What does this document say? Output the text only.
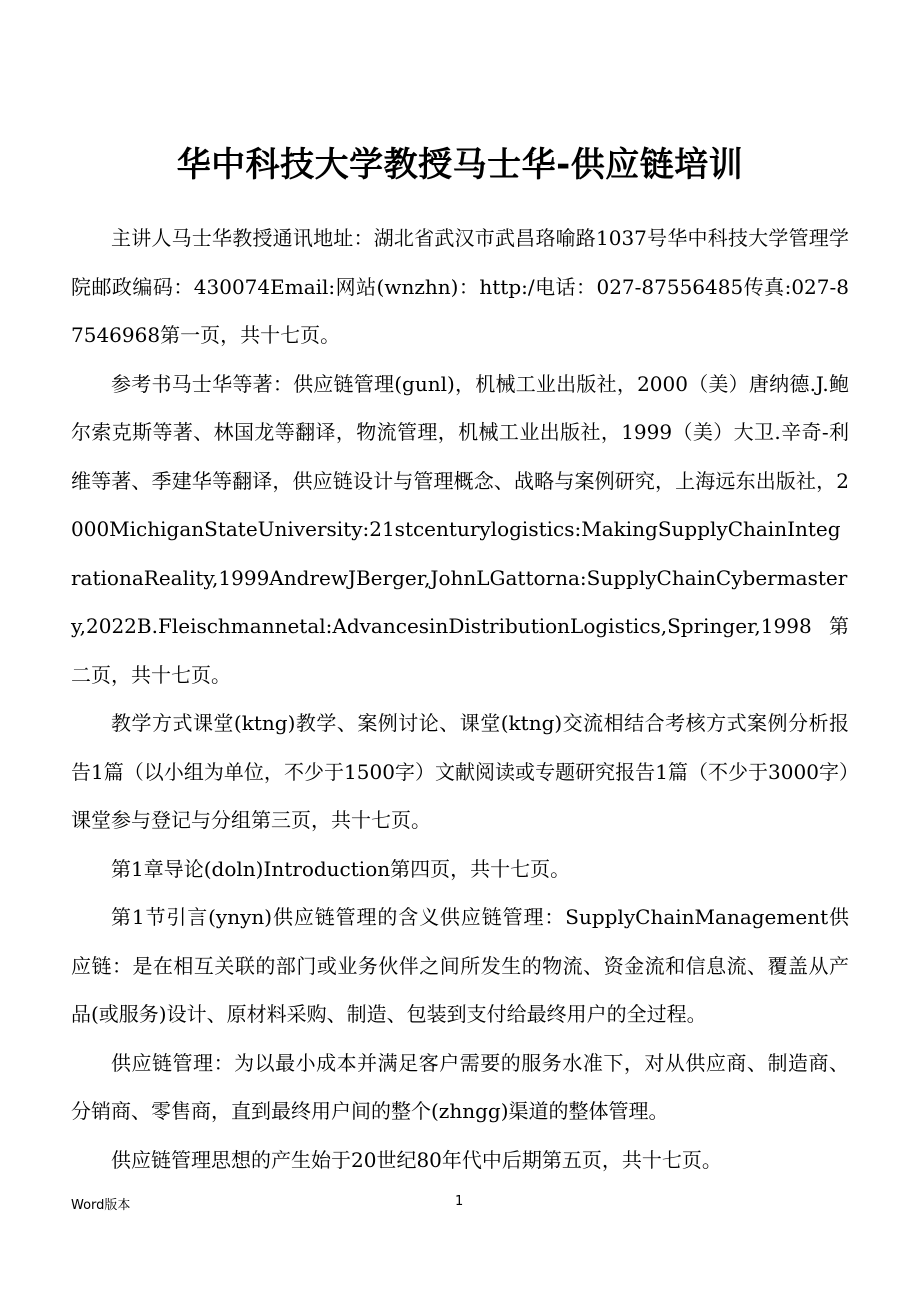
华中科技大学教授马士华-供应链培训

主讲人马士华教授通讯地址：湖北省武汉市武昌珞喻路1037号华中科技大学管理学院邮政编码：430074Email:网站(wnzhn)：http:/电话：027-87556485传真:027-87546968第一页，共十七页。

参考书马士华等著：供应链管理(gunl)，机械工业出版社，2000（美）唐纳德.J.鲍尔索克斯等著、林国龙等翻译，物流管理，机械工业出版社，1999（美）大卫.辛奇-利维等著、季建华等翻译，供应链设计与管理概念、战略与案例研究，上海远东出版社，2000MichiganStateUniversity:21stcenturylogistics:MakingSupplyChainIntegrationaReality,1999AndrewJBerger,JohnLGattorna:SupplyChainCybermastery,2022B.Fleischmannetal:AdvancesinDistributionLogistics,Springer,1998第二页，共十七页。

教学方式课堂(ktng)教学、案例讨论、课堂(ktng)交流相结合考核方式案例分析报告1篇（以小组为单位，不少于1500字）文献阅读或专题研究报告1篇（不少于3000字）课堂参与登记与分组第三页，共十七页。

第1章导论(doln)Introduction第四页，共十七页。

第1节引言(ynyn)供应链管理的含义供应链管理：SupplyChainManagement供应链：是在相互关联的部门或业务伙伴之间所发生的物流、资金流和信息流、覆盖从产品(或服务)设计、原材料采购、制造、包装到支付给最终用户的全过程。

供应链管理：为以最小成本并满足客户需要的服务水准下，对从供应商、制造商、分销商、零售商，直到最终用户间的整个(zhngg)渠道的整体管理。

供应链管理思想的产生始于20世纪80年代中后期第五页，共十七页。

Word版本	1
